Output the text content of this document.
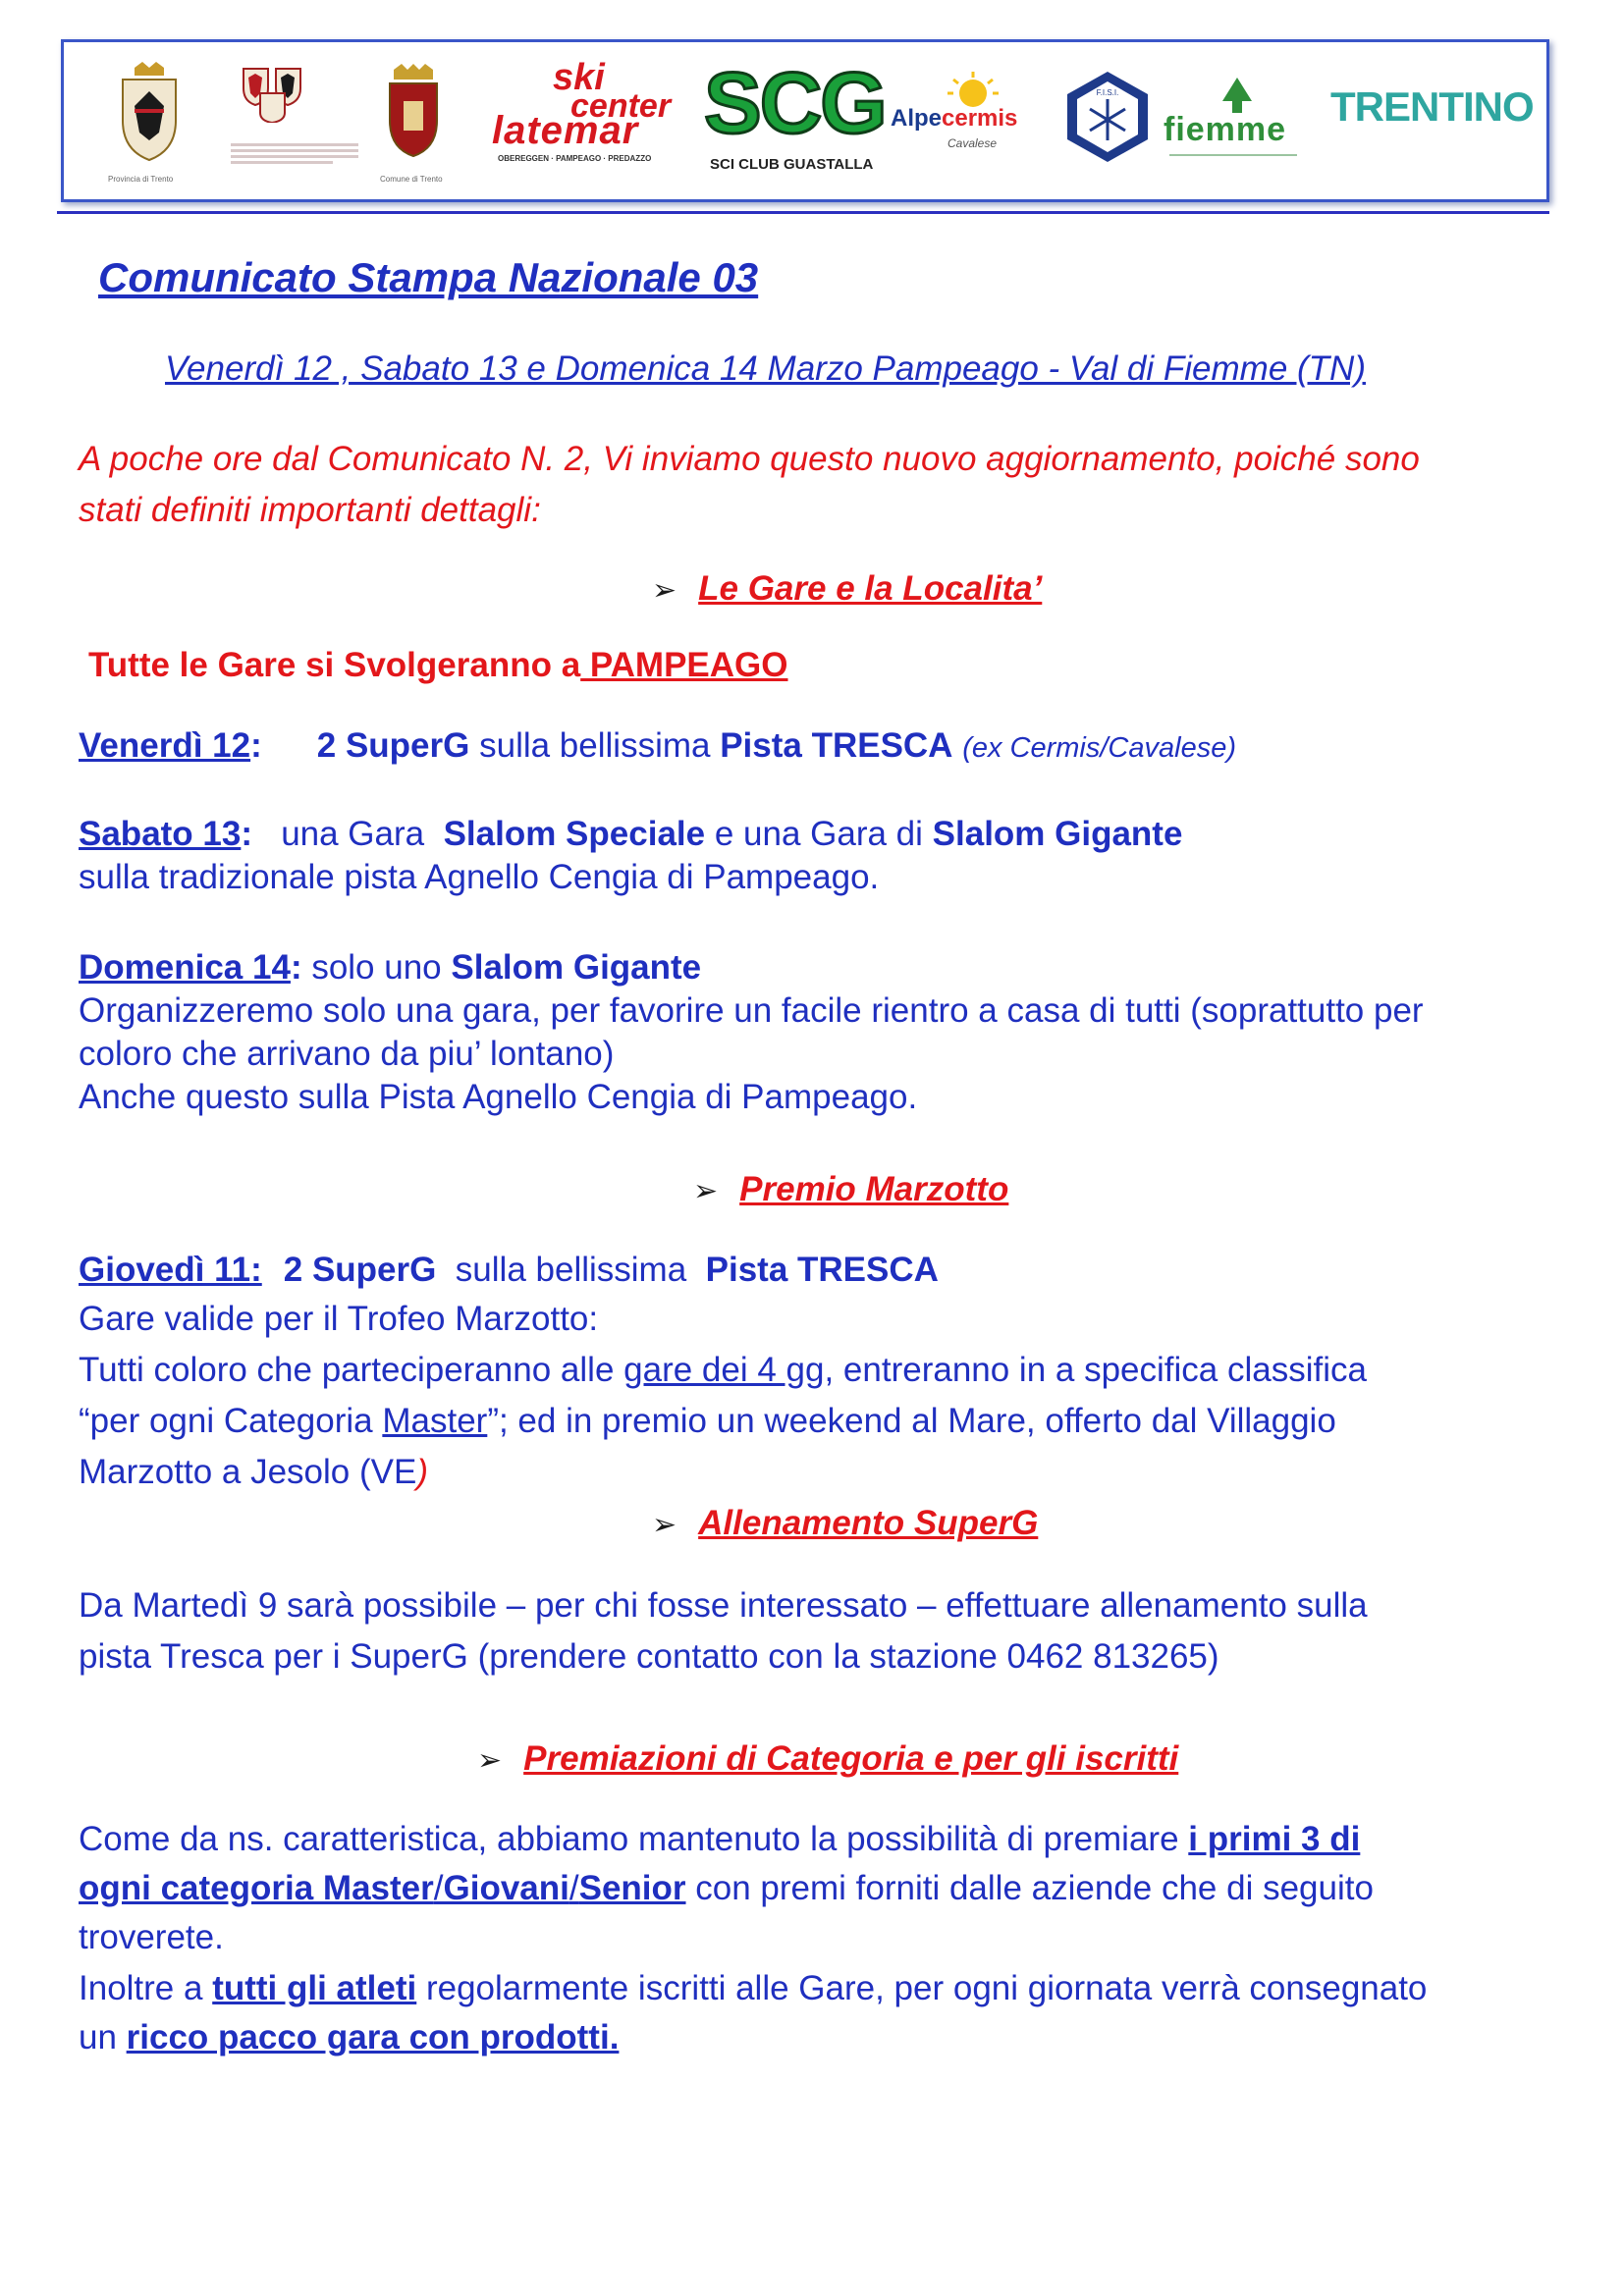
Provincia di Trento	Comune di Trento
ski
center
latemar
OBEREGGEN · PAMPEAGO · PREDAZZO
SCG
SCI CLUB GUASTALLA
Alpecermis
Cavalese
F.I.S.I.
fiemme TRENTINO
Comunicato Stampa Nazionale 03
Venerdì 12 , Sabato 13 e Domenica 14 Marzo Pampeago - Val di Fiemme (TN)
A poche ore dal Comunicato N. 2, Vi inviamo questo nuovo aggiornamento, poiché sono
stati definiti importanti dettagli:
➢ Le Gare e la Localita’
Tutte le Gare si Svolgeranno a PAMPEAGO
Venerdì 12: 2 SuperG sulla bellissima Pista TRESCA (ex Cermis/Cavalese)
Sabato 13:   una Gara  Slalom Speciale e una Gara di Slalom Gigante
sulla tradizionale pista Agnello Cengia di Pampeago.
Domenica 14: solo uno Slalom Gigante
Organizzeremo solo una gara, per favorire un facile rientro a casa di tutti (soprattutto per
coloro che arrivano da piu’ lontano)
Anche questo sulla Pista Agnello Cengia di Pampeago.
➢ Premio Marzotto
Giovedì 11: 2 SuperG  sulla bellissima  Pista TRESCA
Gare valide per il Trofeo Marzotto:
Tutti coloro che parteciperanno alle gare dei 4 gg, entreranno in a specifica classifica
“per ogni Categoria Master”; ed in premio un weekend al Mare, offerto dal Villaggio
Marzotto a Jesolo (VE)
➢ Allenamento SuperG
Da Martedì 9 sarà possibile – per chi fosse interessato – effettuare allenamento sulla
pista Tresca per i SuperG (prendere contatto con la stazione 0462 813265)
➢ Premiazioni di Categoria e per gli iscritti
Come da ns. caratteristica, abbiamo mantenuto la possibilità di premiare i primi 3 di
ogni categoria Master/Giovani/Senior con premi forniti dalle aziende che di seguito
troverete.
Inoltre a tutti gli atleti regolarmente iscritti alle Gare, per ogni giornata verrà consegnato
un ricco pacco gara con prodotti.
